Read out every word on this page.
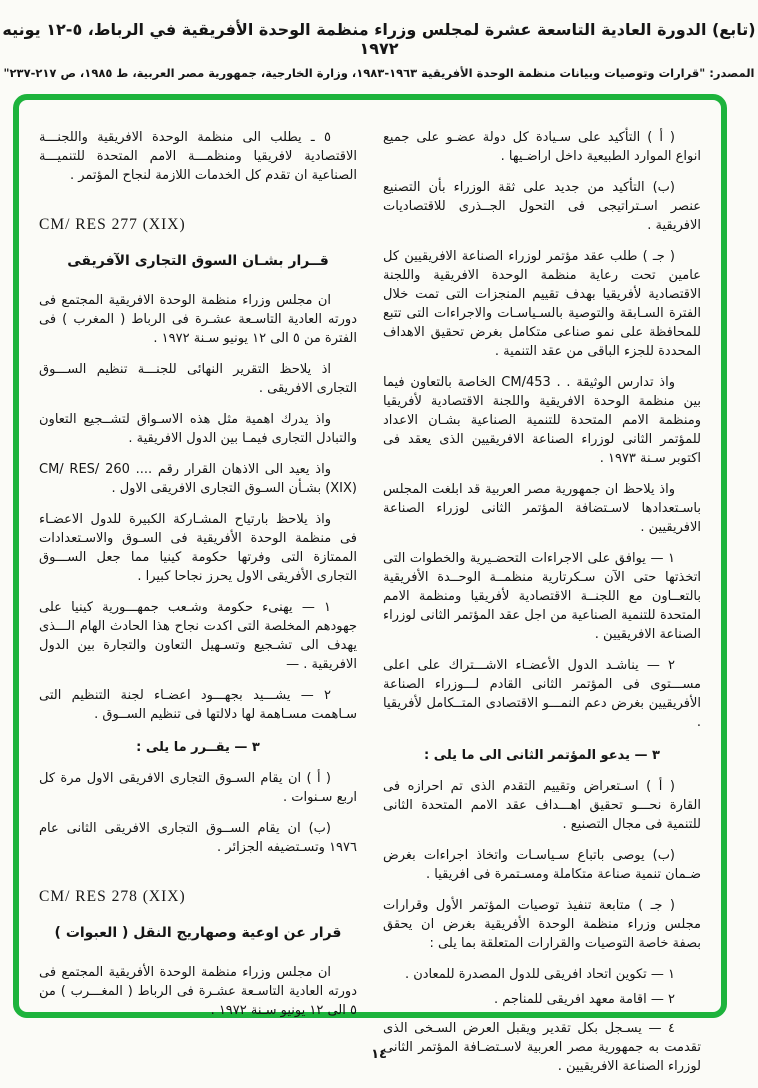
(تابع) الدورة العادية التاسعة عشرة لمجلس وزراء منظمة الوحدة الأفريقية في الرباط، ٥-١٢ يونيه ١٩٧٢
المصدر: "قرارات وتوصيات وبيانات منظمة الوحدة الأفريقية ١٩٦٣-١٩٨٣، وزارة الخارجية، جمهورية مصر العربية، ط ١٩٨٥، ص ٢١٧-٢٣٧"

( أ ) التأكيد على سـيادة كل دولة عضـو على جميع انواع الموارد الطبيعية داخل اراضـيها .

(ب) التأكيد من جديد على ثقة الوزراء بأن التصنيع عنصر اسـتراتيجى فى التحول الجــذرى للاقتصاديات الافريقية .

( جـ ) طلب عقد مؤتمر لوزراء الصناعة الافريقيين كل عامين تحت رعاية منظمة الوحدة الافريقية واللجنة الاقتصادية لأفريقيا بهدف تقييم المنجزات التى تمت خلال الفترة السـابقة والتوصية بالسـياسـات والاجراءات التى تتبع للمحافظة على نمو صناعى متكامل بغرض تحقيق الاهداف المحددة للجزء الباقى من عقد التنمية .

واذ تدارس الوثيقة . . CM/453 الخاصة بالتعاون فيما بين منظمة الوحدة الافريقية واللجنة الاقتصادية لأفريقيا ومنظمة الامم المتحدة للتنمية الصناعية بشـان الاعداد للمؤتمر الثانى لوزراء الصناعة الافريقيين الذى يعقد فى اكتوبر سـنة ١٩٧٣ .

واذ يلاحظ ان جمهورية مصر العربية قد ابلغت المجلس باسـتعدادها لاسـتضافة المؤتمر الثانى لوزراء الصناعة الافريقيين .

١ — يوافق على الاجراءات التحضـيرية والخطوات التى اتخذتها حتى الآن سـكرتارية منظمــة الوحــدة الأفريقية بالتعــاون مع اللجنــة الاقتصادية لأفريقيا ومنظمة الامم المتحدة للتنمية الصناعية من اجل عقد المؤتمر الثانى لوزراء الصناعة الافريقيين .

٢ — يناشـد الدول الأعضـاء الاشـــتراك على اعلى مســـتوى فى المؤتمر الثانى القادم لـــوزراء الصناعة الأفريقيين بغرض دعم النمـــو الاقتصادى المتــكامل لأفريقيا .

٣ — يدعو المؤتمر الثانى الى ما يلى :

( أ ) اسـتعراض وتقييم التقدم الذى تم احرازه فى القارة نحـــو تحقيق اهـــداف عقد الامم المتحدة الثانى للتنمية فى مجال التصنيع .

(ب) يوصى باتباع سـياسـات واتخاذ اجراءات بغرض ضـمان تنمية صناعة متكاملة ومسـتمرة فى افريقيا .

( جـ ) متابعة تنفيذ توصيات المؤتمر الأول وقرارات مجلس وزراء منظمة الوحدة الأفريقية بغرض ان يحقق بصفة خاصة التوصيات والقرارات المتعلقة بما يلى :

١ — تكوين اتحاد افريقى للدول المصدرة للمعادن .

٢ — اقامة معهد افريقى للمناجم .

٤ — يسـجل بكل تقدير ويقبل العرض السـخى الذى تقدمت به جمهورية مصر العربية لاسـتضـافة المؤتمر الثانى لوزراء الصناعة الافريقيين .

٥ ـ يطلب الى منظمة الوحدة الافريقية واللجنـــة الاقتصادية لافريقيا ومنظمـــة الامم المتحدة للتنميـــة الصناعية ان تقدم كل الخدمات اللازمة لنجاح المؤتمر .

CM/ RES 277 (XIX)

قــرار بشـان السوق التجارى الآفريقى

ان مجلس وزراء منظمة الوحدة الافريقية المجتمع فى دورته العادية التاسـعة عشـرة فى الرباط ( المغرب ) فى الفترة من ٥ الى ١٢ يونيو سـنة ١٩٧٢ .

اذ يلاحظ التقرير النهائى للجنـــة تنظيم الســـوق التجارى الافريقى .

واذ يدرك اهمية مثل هذه الاسـواق لتشــجيع التعاون والتبادل التجارى فيمـا بين الدول الافريقية .

واذ يعيد الى الاذهان القرار رقم CM/ RES/ 260 .... (XIX) بشـأن السـوق التجارى الافريقى الاول .

واذ يلاحظ بارتياح المشـاركة الكبيرة للدول الاعضـاء فى منظمة الوحدة الأفريقية فى السـوق والاسـتعدادات الممتازة التى وفرتها حكومة كينيا مما جعل الســـوق التجارى الأفريقى الاول يحرز نجاحا كبيرا .

١ — يهنىء حكومة وشـعب جمهـــورية كينيا على جهودهم المخلصة التى اكدت نجاح هذا الحادث الهام الـــذى يهدف الى تشـجيع وتسـهيل التعاون والتجارة بين الدول الافريقية . —

٢ — يشـــيد بجهـــود اعضـاء لجنة التنظيم التى سـاهمت مسـاهمة لها دلالتها فى تنظيم الســوق .

٣ — يقــرر ما يلى :

( أ ) ان يقام السـوق التجارى الافريقى الاول مرة كل اربع سـنوات .

(ب) ان يقام الســوق التجارى الافريقى الثانى عام ١٩٧٦ وتسـتضيفه الجزائر .

CM/ RES 278 (XIX)

قرار عن اوعية وصهاريج النقل ( العبوات )

ان مجلس وزراء منظمة الوحدة الأفريقية المجتمع فى دورته العادية التاسـعة عشـرة فى الرباط ( المغـــرب ) من ٥ الى ١٢ يونيو سـنة ١٩٧٢ .

١٤
